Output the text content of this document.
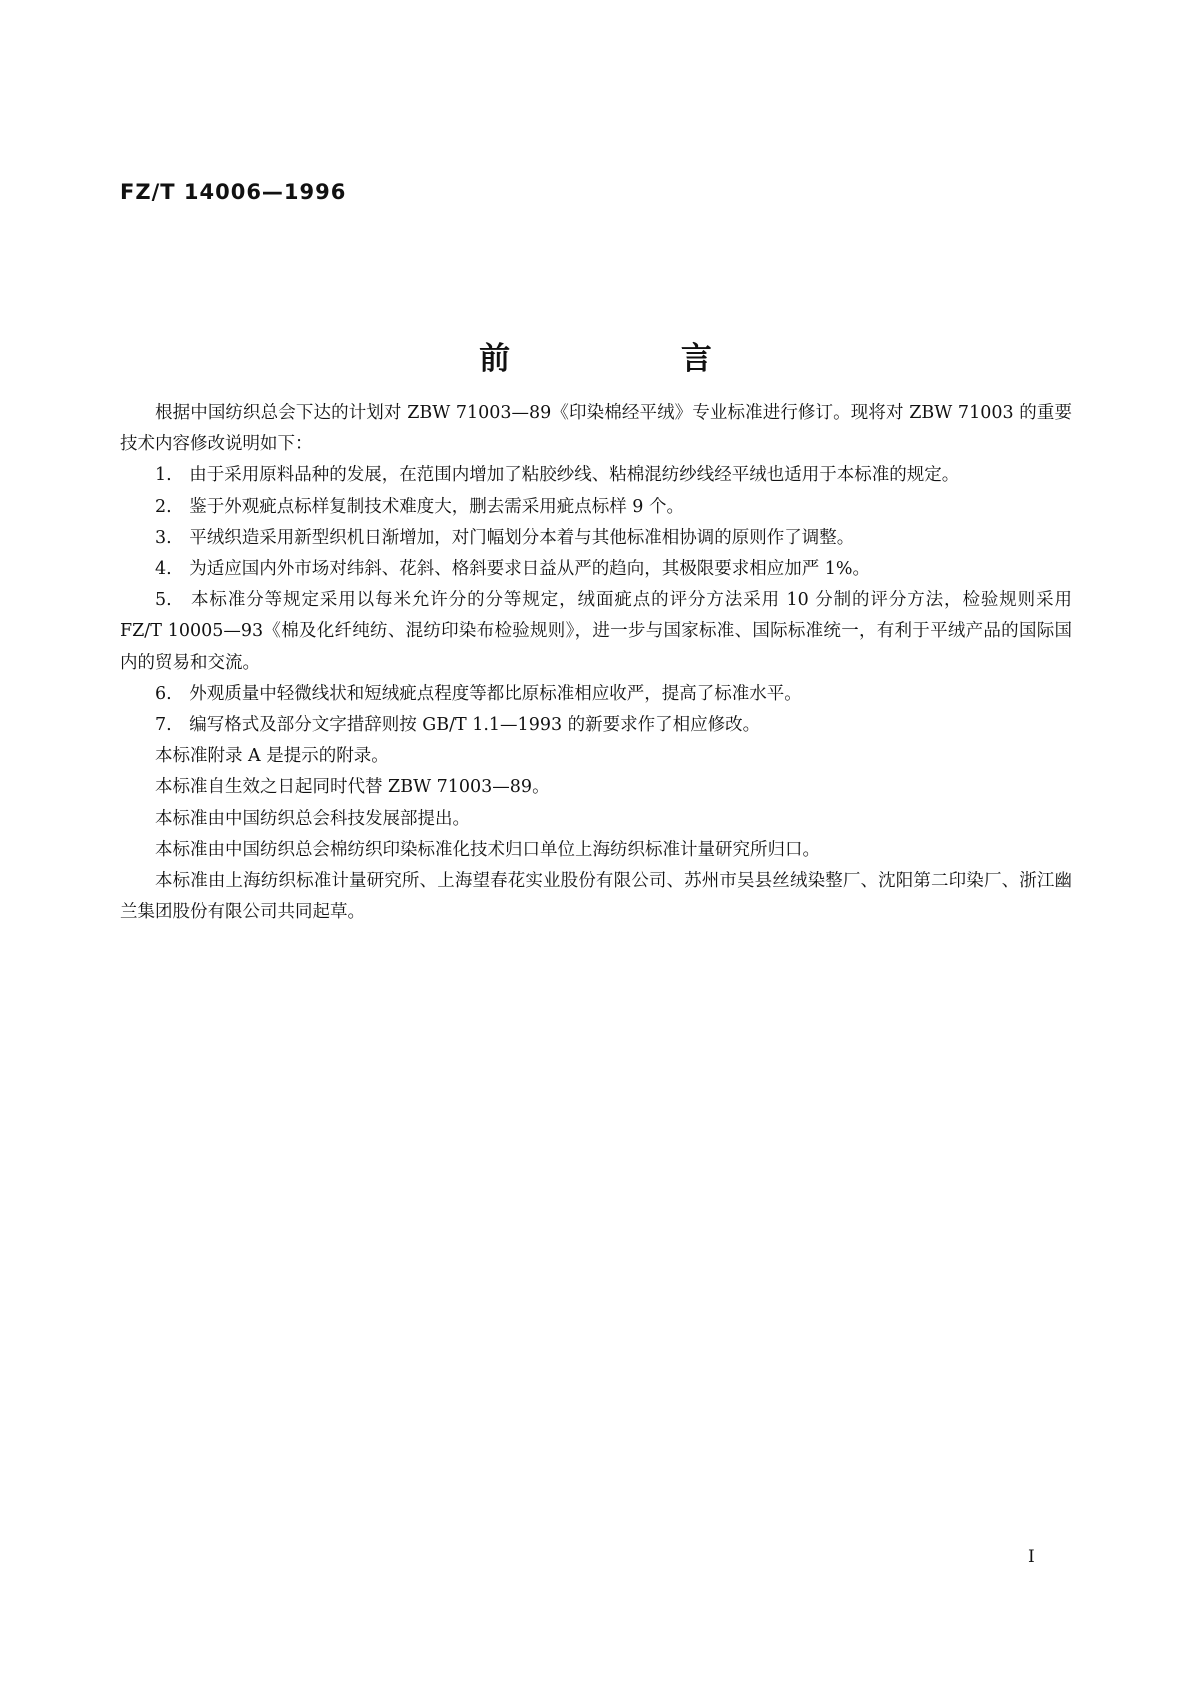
FZ/T 14006—1996
前 言

根据中国纺织总会下达的计划对 ZBW 71003—89《印染棉经平绒》专业标准进行修订。现将对 ZBW 71003 的重要技术内容修改说明如下：

1.　由于采用原料品种的发展，在范围内增加了粘胶纱线、粘棉混纺纱线经平绒也适用于本标准的规定。

2.　鉴于外观疵点标样复制技术难度大，删去需采用疵点标样 9 个。

3.　平绒织造采用新型织机日渐增加，对门幅划分本着与其他标准相协调的原则作了调整。

4.　为适应国内外市场对纬斜、花斜、格斜要求日益从严的趋向，其极限要求相应加严 1%。

5.　本标准分等规定采用以每米允许分的分等规定，绒面疵点的评分方法采用 10 分制的评分方法，检验规则采用 FZ/T 10005—93《棉及化纤纯纺、混纺印染布检验规则》，进一步与国家标准、国际标准统一，有利于平绒产品的国际国内的贸易和交流。

6.　外观质量中轻微线状和短绒疵点程度等都比原标准相应收严，提高了标准水平。

7.　编写格式及部分文字措辞则按 GB/T 1.1—1993 的新要求作了相应修改。

本标准附录 A 是提示的附录。

本标准自生效之日起同时代替 ZBW 71003—89。

本标准由中国纺织总会科技发展部提出。

本标准由中国纺织总会棉纺织印染标准化技术归口单位上海纺织标准计量研究所归口。

本标准由上海纺织标准计量研究所、上海望春花实业股份有限公司、苏州市吴县丝绒染整厂、沈阳第二印染厂、浙江幽兰集团股份有限公司共同起草。

I
